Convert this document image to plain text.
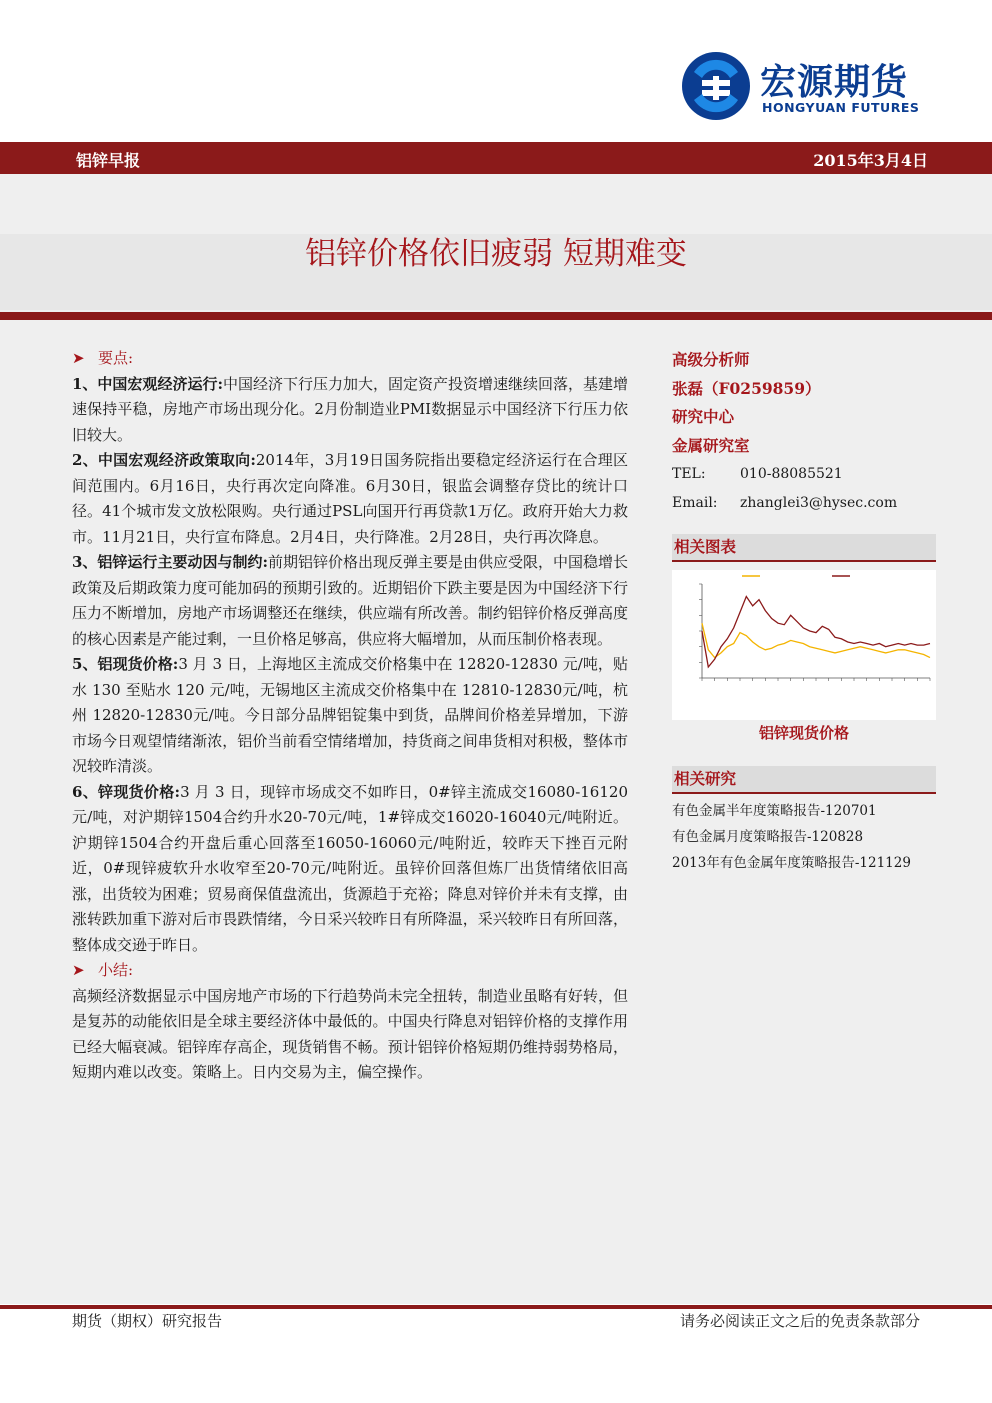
宏源期货
HONGYUAN FUTURES
铝锌早报	2015年3月4日
铝锌价格依旧疲弱 短期难变

➤ 要点:

1、中国宏观经济运行:中国经济下行压力加大，固定资产投资增速继续回落，基建增速保持平稳，房地产市场出现分化。2月份制造业PMI数据显示中国经济下行压力依旧较大。

2、中国宏观经济政策取向:2014年，3月19日国务院指出要稳定经济运行在合理区间范围内。6月16日，央行再次定向降准。6月30日，银监会调整存贷比的统计口径。41个城市发文放松限购。央行通过PSL向国开行再贷款1万亿。政府开始大力救市。11月21日，央行宣布降息。2月4日，央行降准。2月28日，央行再次降息。

3、铝锌运行主要动因与制约:前期铝锌价格出现反弹主要是由供应受限，中国稳增长政策及后期政策力度可能加码的预期引致的。近期铝价下跌主要是因为中国经济下行压力不断增加，房地产市场调整还在继续，供应端有所改善。制约铝锌价格反弹高度的核心因素是产能过剩，一旦价格足够高，供应将大幅增加，从而压制价格表现。

5、铝现货价格:3 月 3 日，上海地区主流成交价格集中在 12820-12830 元/吨，贴水 130 至贴水 120 元/吨，无锡地区主流成交价格集中在 12810-12830元/吨，杭州 12820-12830元/吨。今日部分品牌铝锭集中到货，品牌间价格差异增加，下游市场今日观望情绪渐浓，铝价当前看空情绪增加，持货商之间串货相对积极，整体市况较昨清淡。

6、锌现货价格:3 月 3 日，现锌市场成交不如昨日，0#锌主流成交16080-16120元/吨，对沪期锌1504合约升水20-70元/吨，1#锌成交16020-16040元/吨附近。沪期锌1504合约开盘后重心回落至16050-16060元/吨附近，较昨天下挫百元附近，0#现锌疲软升水收窄至20-70元/吨附近。虽锌价回落但炼厂出货情绪依旧高涨，出货较为困难；贸易商保值盘流出，货源趋于充裕；降息对锌价并未有支撑，由涨转跌加重下游对后市畏跌情绪，今日采兴较昨日有所降温，采兴较昨日有所回落，整体成交逊于昨日。

➤ 小结:

高频经济数据显示中国房地产市场的下行趋势尚未完全扭转，制造业虽略有好转，但是复苏的动能依旧是全球主要经济体中最低的。中国央行降息对铝锌价格的支撑作用已经大幅衰减。铝锌库存高企，现货销售不畅。预计铝锌价格短期仍维持弱势格局，短期内难以改变。策略上。日内交易为主，偏空操作。

高级分析师
张磊（F0259859）
研究中心
金属研究室
TEL: 010-88085521
Email: zhanglei3@hysec.com
相关图表
铝锌现货价格
相关研究
有色金属半年度策略报告-120701
有色金属月度策略报告-120828
2013年有色金属年度策略报告-121129
期货（期权）研究报告	请务必阅读正文之后的免责条款部分
